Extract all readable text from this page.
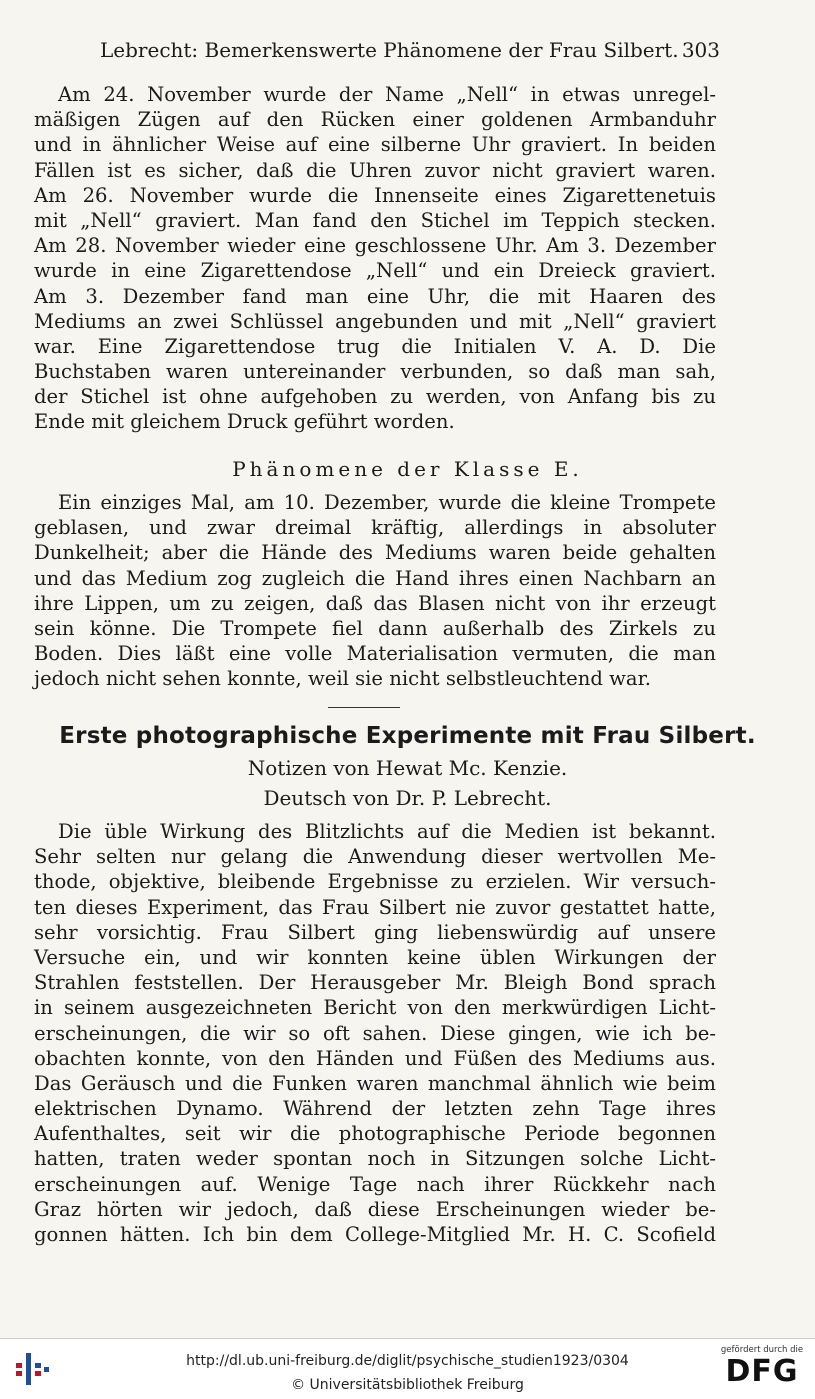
Lebrecht: Bemerkenswerte Phänomene der Frau Silbert. 303
Am 24. November wurde der Name „Nell“ in etwas unregel-
mäßigen Zügen auf den Rücken einer goldenen Armbanduhr
und in ähnlicher Weise auf eine silberne Uhr graviert. In beiden
Fällen ist es sicher, daß die Uhren zuvor nicht graviert waren.
Am 26. November wurde die Innenseite eines Zigarettenetuis
mit „Nell“ graviert. Man fand den Stichel im Teppich stecken.
Am 28. November wieder eine geschlossene Uhr. Am 3. Dezember
wurde in eine Zigarettendose „Nell“ und ein Dreieck graviert.
Am 3. Dezember fand man eine Uhr, die mit Haaren des
Mediums an zwei Schlüssel angebunden und mit „Nell“ graviert
war. Eine Zigarettendose trug die Initialen V. A. D. Die
Buchstaben waren untereinander verbunden, so daß man sah,
der Stichel ist ohne aufgehoben zu werden, von Anfang bis zu
Ende mit gleichem Druck geführt worden.
Phänomene der Klasse E.
Ein einziges Mal, am 10. Dezember, wurde die kleine Trompete
geblasen, und zwar dreimal kräftig, allerdings in absoluter
Dunkelheit; aber die Hände des Mediums waren beide gehalten
und das Medium zog zugleich die Hand ihres einen Nachbarn an
ihre Lippen, um zu zeigen, daß das Blasen nicht von ihr erzeugt
sein könne. Die Trompete fiel dann außerhalb des Zirkels zu
Boden. Dies läßt eine volle Materialisation vermuten, die man
jedoch nicht sehen konnte, weil sie nicht selbstleuchtend war.
Erste photographische Experimente mit Frau Silbert.
Notizen von Hewat Mc. Kenzie.
Deutsch von Dr. P. Lebrecht.
Die üble Wirkung des Blitzlichts auf die Medien ist bekannt.
Sehr selten nur gelang die Anwendung dieser wertvollen Me-
thode, objektive, bleibende Ergebnisse zu erzielen. Wir versuch-
ten dieses Experiment, das Frau Silbert nie zuvor gestattet hatte,
sehr vorsichtig. Frau Silbert ging liebenswürdig auf unsere
Versuche ein, und wir konnten keine üblen Wirkungen der
Strahlen feststellen. Der Herausgeber Mr. Bleigh Bond sprach
in seinem ausgezeichneten Bericht von den merkwürdigen Licht-
erscheinungen, die wir so oft sahen. Diese gingen, wie ich be-
obachten konnte, von den Händen und Füßen des Mediums aus.
Das Geräusch und die Funken waren manchmal ähnlich wie beim
elektrischen Dynamo. Während der letzten zehn Tage ihres
Aufenthaltes, seit wir die photographische Periode begonnen
hatten, traten weder spontan noch in Sitzungen solche Licht-
erscheinungen auf. Wenige Tage nach ihrer Rückkehr nach
Graz hörten wir jedoch, daß diese Erscheinungen wieder be-
gonnen hätten. Ich bin dem College-Mitglied Mr. H. C. Scofield
http://dl.ub.uni-freiburg.de/diglit/psychische_studien1923/0304
© Universitätsbibliothek Freiburg
gefördert durch die
DFG
